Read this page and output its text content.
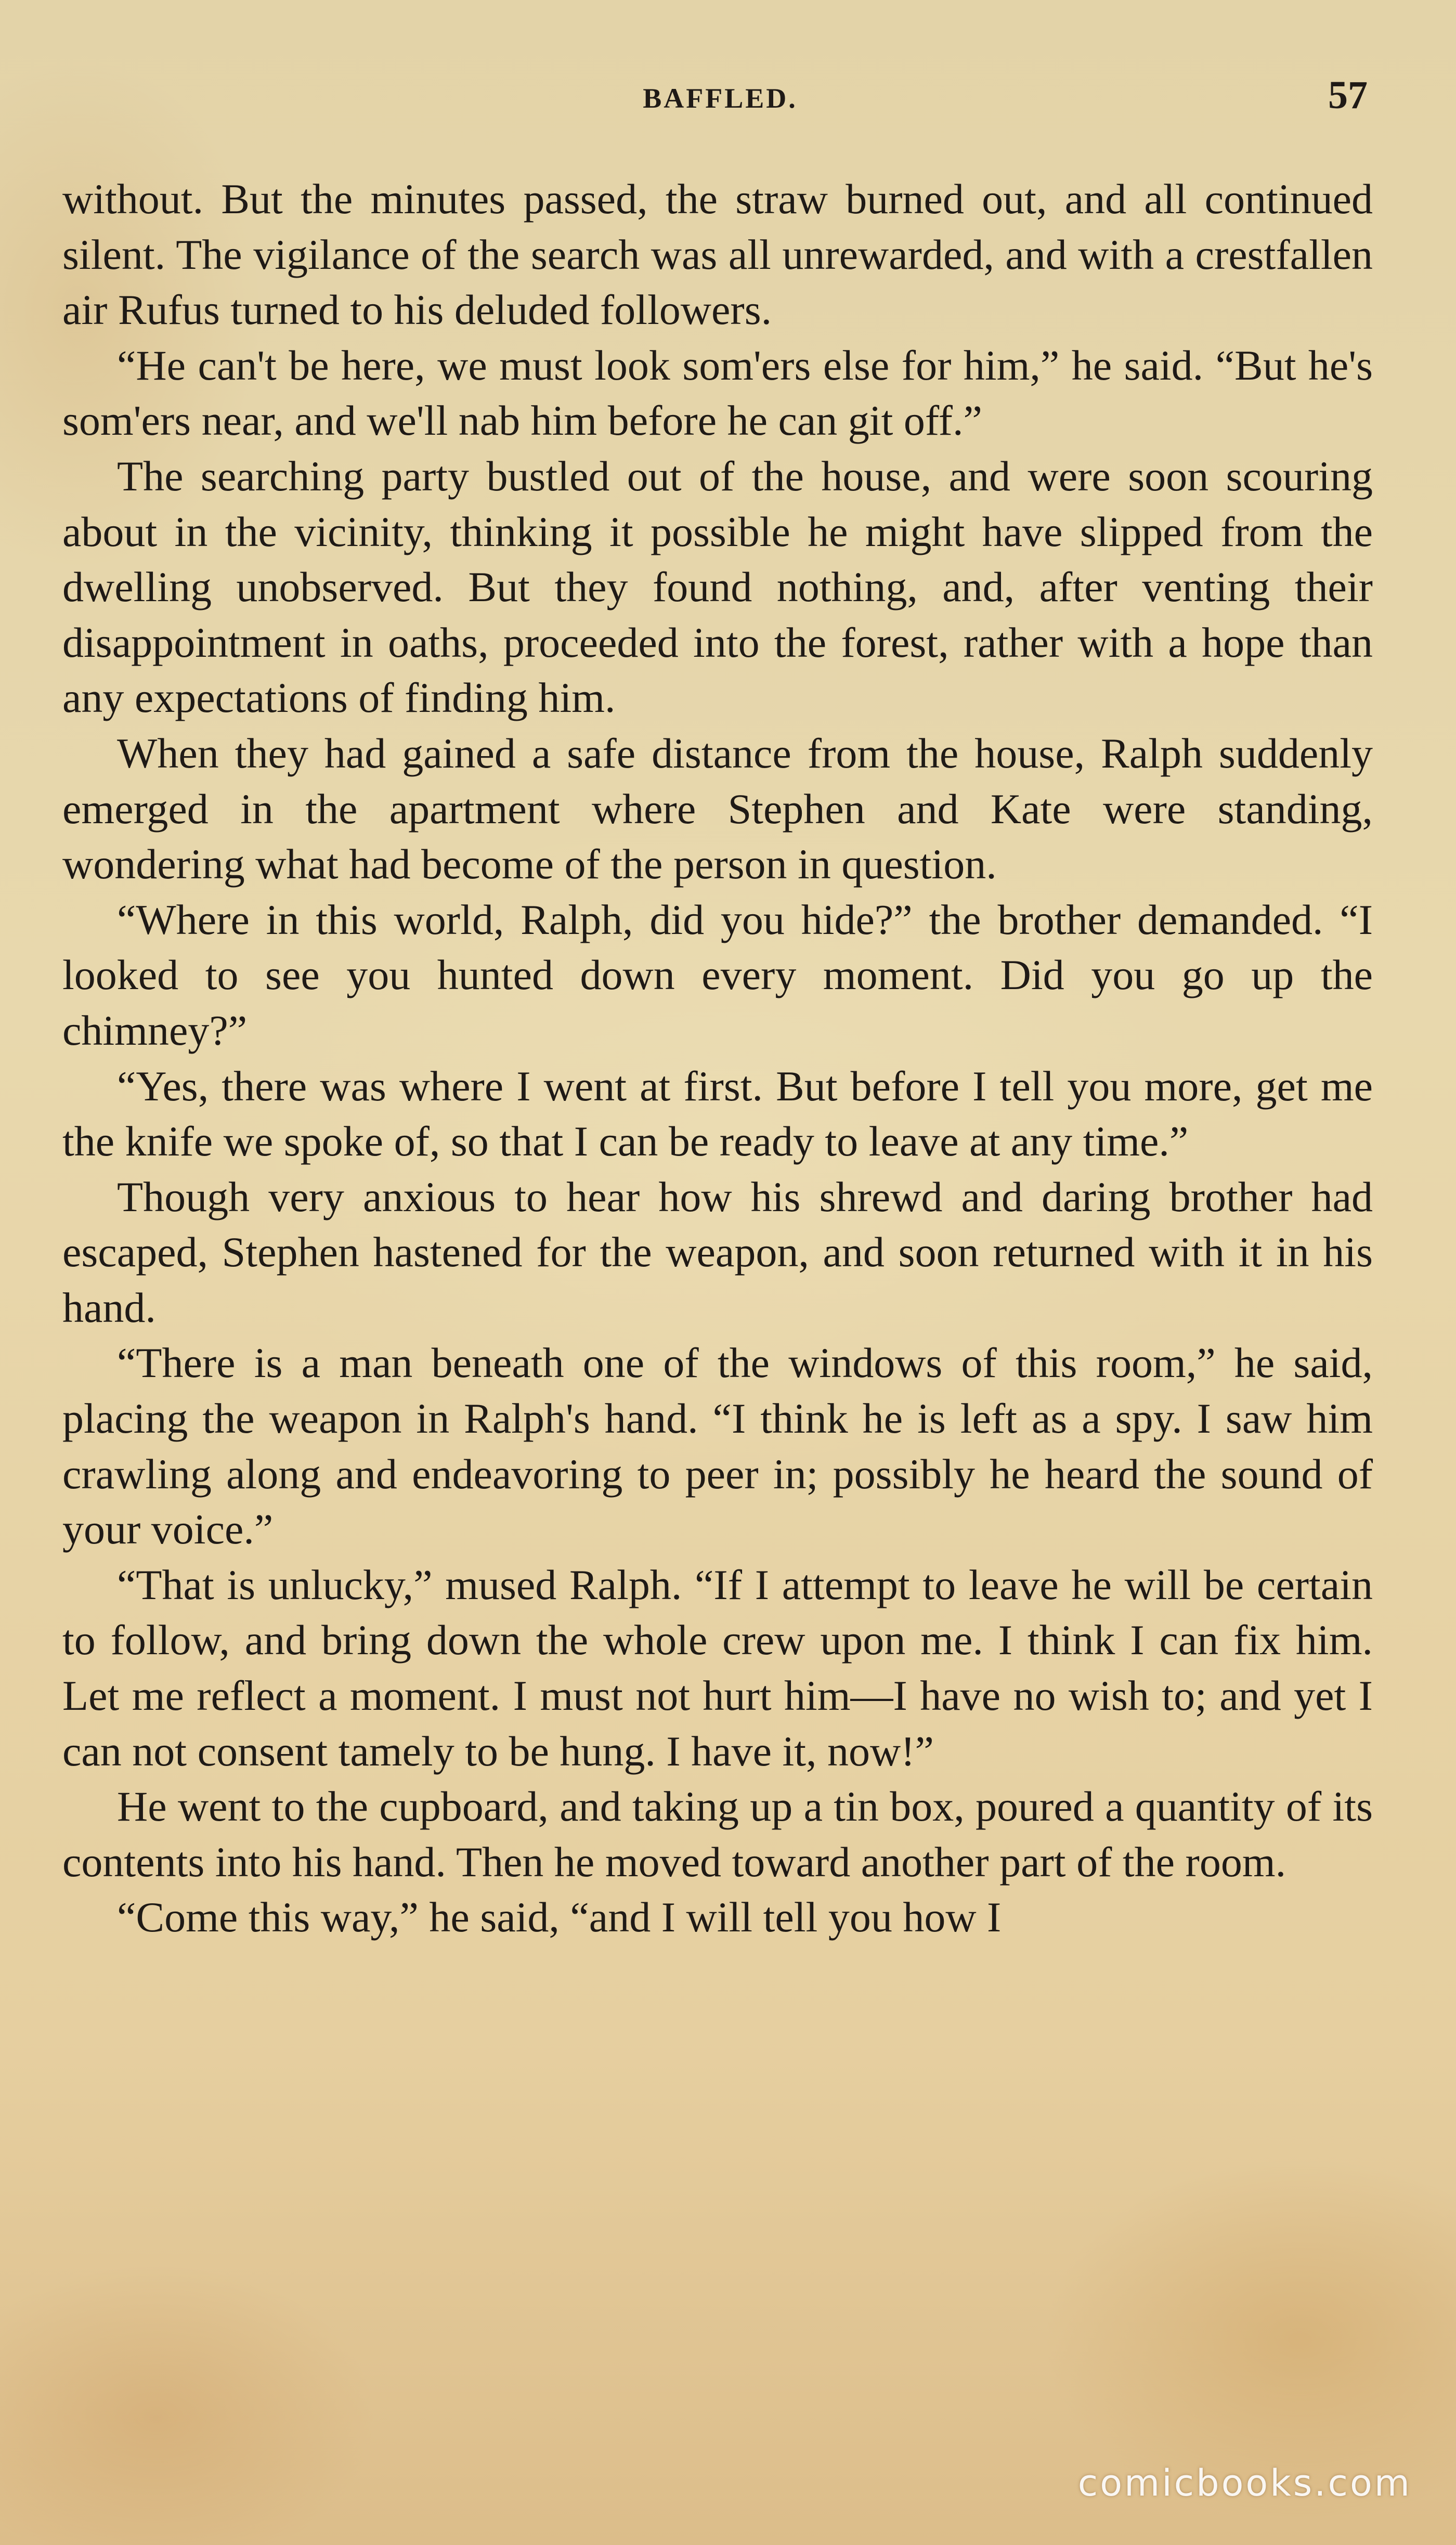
BAFFLED.	57

without. But the minutes passed, the straw burned out, and all continued silent. The vigilance of the search was all unrewarded, and with a crestfallen air Rufus turned to his deluded followers.

“He can't be here, we must look som'ers else for him,” he said. “But he's som'ers near, and we'll nab him before he can git off.”

The searching party bustled out of the house, and were soon scouring about in the vicinity, thinking it possible he might have slipped from the dwelling unobserved. But they found nothing, and, after venting their disappointment in oaths, proceeded into the forest, rather with a hope than any expectations of finding him.

When they had gained a safe distance from the house, Ralph suddenly emerged in the apartment where Stephen and Kate were standing, wondering what had become of the person in question.

“Where in this world, Ralph, did you hide?” the brother demanded. “I looked to see you hunted down every moment. Did you go up the chimney?”

“Yes, there was where I went at first. But before I tell you more, get me the knife we spoke of, so that I can be ready to leave at any time.”

Though very anxious to hear how his shrewd and daring brother had escaped, Stephen hastened for the weapon, and soon returned with it in his hand.

“There is a man beneath one of the windows of this room,” he said, placing the weapon in Ralph's hand. “I think he is left as a spy. I saw him crawling along and endeavoring to peer in; possibly he heard the sound of your voice.”

“That is unlucky,” mused Ralph. “If I attempt to leave he will be certain to follow, and bring down the whole crew upon me. I think I can fix him. Let me reflect a moment. I must not hurt him—I have no wish to; and yet I can not consent tamely to be hung. I have it, now!”

He went to the cupboard, and taking up a tin box, poured a quantity of its contents into his hand. Then he moved toward another part of the room.

“Come this way,” he said, “and I will tell you how I

comicbooks.com
